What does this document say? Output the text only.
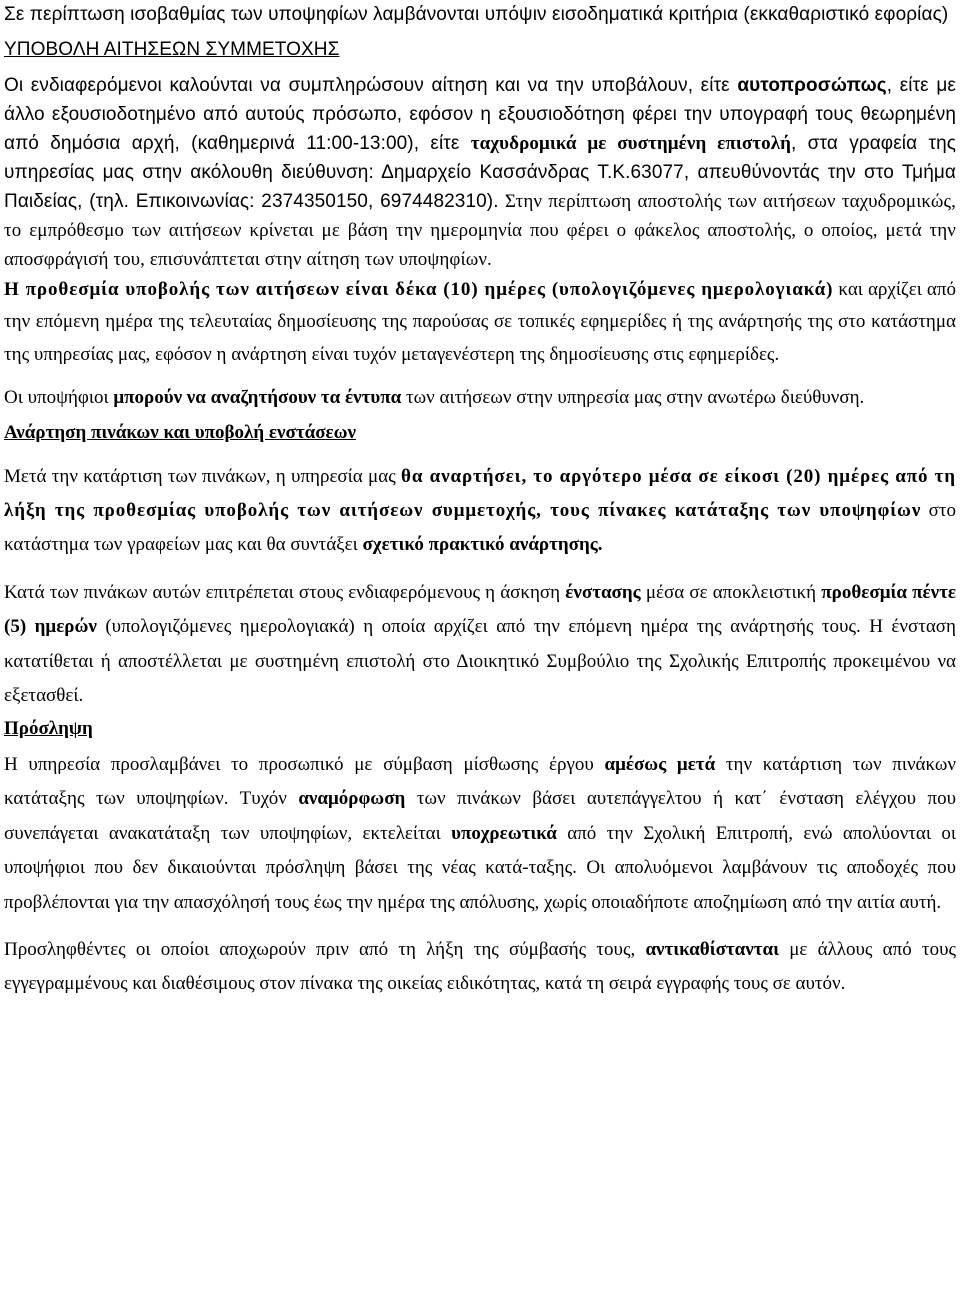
Σε περίπτωση ισοβαθμίας των υποψηφίων λαμβάνονται υπόψιν εισοδηματικά κριτήρια (εκκαθαριστικό εφορίας)

ΥΠΟΒΟΛΗ ΑΙΤΗΣΕΩΝ ΣΥΜΜΕΤΟΧΗΣ

Οι ενδιαφερόμενοι καλούνται να συμπληρώσουν αίτηση και να την υποβάλουν, είτε αυτοπροσώπως, είτε με άλλο εξουσιοδοτημένο από αυτούς πρόσωπο, εφόσον η εξουσιοδότηση φέρει την υπογραφή τους θεωρημένη από δημόσια αρχή, (καθημερινά 11:00-13:00), είτε ταχυδρομικά με συστημένη επιστολή, στα γραφεία της υπηρεσίας μας στην ακόλουθη διεύθυνση: Δημαρχείο Κασσάνδρας Τ.Κ.63077, απευθύνοντάς την στο Τμήμα Παιδείας, (τηλ. Επικοινωνίας: 2374350150, 6974482310). Στην περίπτωση αποστολής των αιτήσεων ταχυδρομικώς, το εμπρόθεσμο των αιτήσεων κρίνεται με βάση την ημερομηνία που φέρει ο φάκελος αποστολής, ο οποίος, μετά την αποσφράγισή του, επισυνάπτεται στην αίτηση των υποψηφίων.

Η προθεσμία υποβολής των αιτήσεων είναι δέκα (10) ημέρες (υπολογιζόμενες ημερολογιακά) και αρχίζει από την επόμενη ημέρα της τελευταίας δημοσίευσης της παρούσας σε τοπικές εφημερίδες ή της ανάρτησής της στο κατάστημα της υπηρεσίας μας, εφόσον η ανάρτηση είναι τυχόν μεταγενέστερη της δημοσίευσης στις εφημερίδες.

Οι υποψήφιοι μπορούν να αναζητήσουν τα έντυπα των αιτήσεων στην υπηρεσία μας στην ανωτέρω διεύθυνση.

Ανάρτηση πινάκων και υποβολή ενστάσεων

Μετά την κατάρτιση των πινάκων, η υπηρεσία μας θα αναρτήσει, το αργότερο μέσα σε είκοσι (20) ημέρες από τη λήξη της προθεσμίας υποβολής των αιτήσεων συμμετοχής, τους πίνακες κατάταξης των υποψηφίων στο κατάστημα των γραφείων μας και θα συντάξει σχετικό πρακτικό ανάρτησης.

Κατά των πινάκων αυτών επιτρέπεται στους ενδιαφερόμενους η άσκηση ένστασης μέσα σε αποκλειστική προθεσμία πέντε (5) ημερών (υπολογιζόμενες ημερολογιακά) η οποία αρχίζει από την επόμενη ημέρα της ανάρτησής τους. Η ένσταση κατατίθεται ή αποστέλλεται με συστημένη επιστολή στο Διοικητικό Συμβούλιο της Σχολικής Επιτροπής προκειμένου να εξετασθεί.

Πρόσληψη

Η υπηρεσία προσλαμβάνει το προσωπικό με σύμβαση μίσθωσης έργου αμέσως μετά την κατάρτιση των πινάκων κατάταξης των υποψηφίων. Τυχόν αναμόρφωση των πινάκων βάσει αυτεπάγγελτου ή κατ΄ ένσταση ελέγχου που συνεπάγεται ανακατάταξη των υποψηφίων, εκτελείται υποχρεωτικά από την Σχολική Επιτροπή, ενώ απολύονται οι υποψήφιοι που δεν δικαιούνται πρόσληψη βάσει της νέας κατά-ταξης. Οι απολυόμενοι λαμβάνουν τις αποδοχές που προβλέπονται για την απασχόλησή τους έως την ημέρα της απόλυσης, χωρίς οποιαδήποτε αποζημίωση από την αιτία αυτή.

Προσληφθέντες οι οποίοι αποχωρούν πριν από τη λήξη της σύμβασής τους, αντικαθίστανται με άλλους από τους εγγεγραμμένους και διαθέσιμους στον πίνακα της οικείας ειδικότητας, κατά τη σειρά εγγραφής τους σε αυτόν.
